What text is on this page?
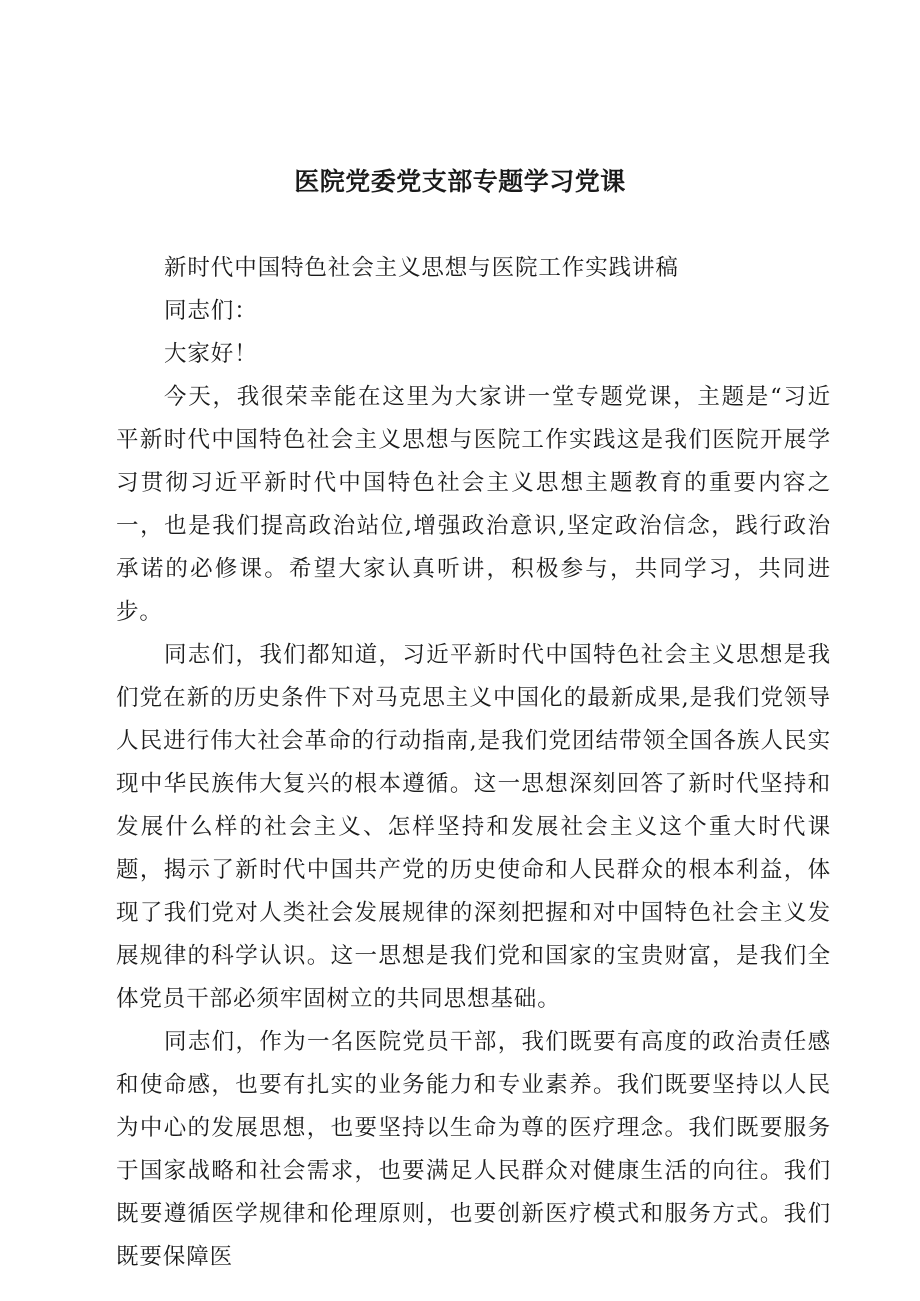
医院党委党支部专题学习党课

新时代中国特色社会主义思想与医院工作实践讲稿

同志们：

大家好！

今天，我很荣幸能在这里为大家讲一堂专题党课，主题是“习近平新时代中国特色社会主义思想与医院工作实践这是我们医院开展学习贯彻习近平新时代中国特色社会主义思想主题教育的重要内容之一，也是我们提高政治站位,增强政治意识,坚定政治信念，践行政治承诺的必修课。希望大家认真听讲，积极参与，共同学习，共同进步。

同志们，我们都知道，习近平新时代中国特色社会主义思想是我们党在新的历史条件下对马克思主义中国化的最新成果,是我们党领导人民进行伟大社会革命的行动指南,是我们党团结带领全国各族人民实现中华民族伟大复兴的根本遵循。这一思想深刻回答了新时代坚持和发展什么样的社会主义、怎样坚持和发展社会主义这个重大时代课题，揭示了新时代中国共产党的历史使命和人民群众的根本利益，体现了我们党对人类社会发展规律的深刻把握和对中国特色社会主义发展规律的科学认识。这一思想是我们党和国家的宝贵财富，是我们全体党员干部必须牢固树立的共同思想基础。

同志们，作为一名医院党员干部，我们既要有高度的政治责任感和使命感，也要有扎实的业务能力和专业素养。我们既要坚持以人民为中心的发展思想，也要坚持以生命为尊的医疗理念。我们既要服务于国家战略和社会需求，也要满足人民群众对健康生活的向往。我们既要遵循医学规律和伦理原则，也要创新医疗模式和服务方式。我们既要保障医
